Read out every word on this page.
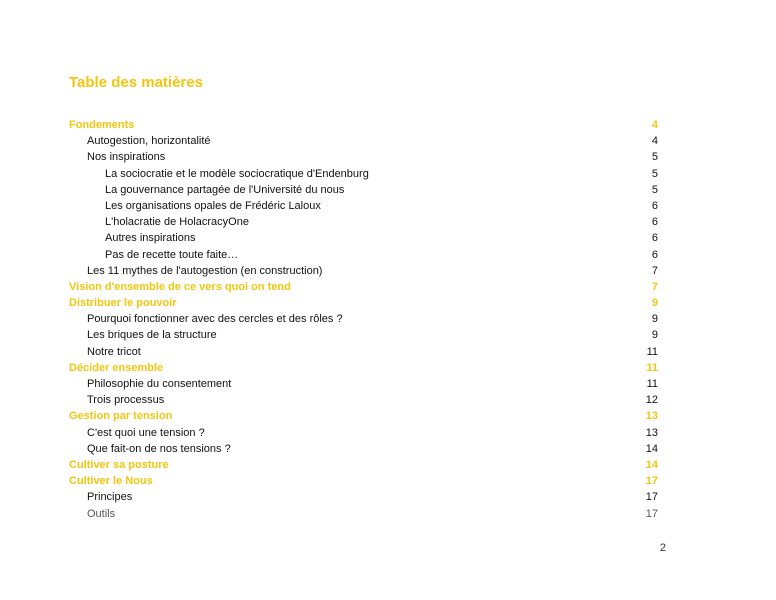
Table des matières
Fondements	4
Autogestion, horizontalité	4
Nos inspirations	5
La sociocratie et le modèle sociocratique d'Endenburg	5
La gouvernance partagée de l'Université du nous	5
Les organisations opales de Frédéric Laloux	6
L'holacratie de HolacracyOne	6
Autres inspirations	6
Pas de recette toute faite…	6
Les 11 mythes de l'autogestion (en construction)	7
Vision d'ensemble de ce vers quoi on tend	7
Distribuer le pouvoir	9
Pourquoi fonctionner avec des cercles et des rôles ?	9
Les briques de la structure	9
Notre tricot	11
Décider ensemble	11
Philosophie du consentement	11
Trois processus	12
Gestion par tension	13
C'est quoi une tension ?	13
Que fait-on de nos tensions ?	14
Cultiver sa posture	14
Cultiver le Nous	17
Principes	17
Outils	17
2
